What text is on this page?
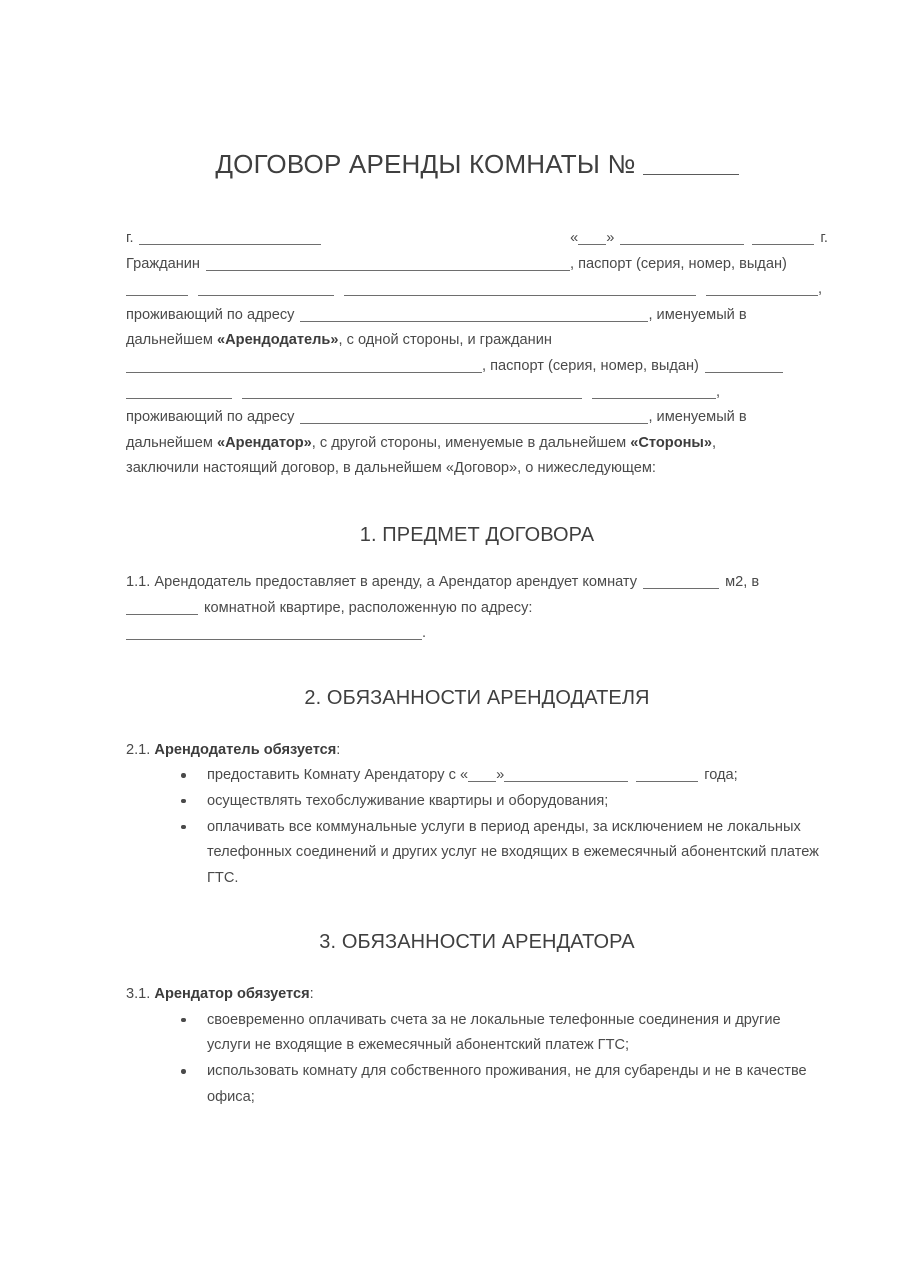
ДОГОВОР АРЕНДЫ КОМНАТЫ №
г.	« »	г.
Гражданин	, паспорт (серия, номер, выдан)
,
проживающий по адресу	, именуемый в
дальнейшем «Арендодатель», с одной стороны, и гражданин
, паспорт (серия, номер, выдан)
,
проживающий по адресу	, именуемый в
дальнейшем «Арендатор», с другой стороны, именуемые в дальнейшем «Стороны»,
заключили настоящий договор, в дальнейшем «Договор», о нижеследующем:
1. ПРЕДМЕТ ДОГОВОРА
1.1. Арендодатель предоставляет в аренду, а Арендатор арендует комнату	м2, в
комнатной квартире, расположенную по адресу:
.
2. ОБЯЗАННОСТИ АРЕНДОДАТЕЛЯ
2.1. Арендодатель обязуется:
предоставить Комнату Арендатору с « »	года;
осуществлять техобслуживание квартиры и оборудования;
оплачивать все коммунальные услуги в период аренды, за исключением не локальных телефонных соединений и других услуг не входящих в ежемесячный абонентский платеж ГТС.
3. ОБЯЗАННОСТИ АРЕНДАТОРА
3.1. Арендатор обязуется:
своевременно оплачивать счета за не локальные телефонные соединения и другие услуги не входящие в ежемесячный абонентский платеж ГТС;
использовать комнату для собственного проживания, не для субаренды и не в качестве офиса;
